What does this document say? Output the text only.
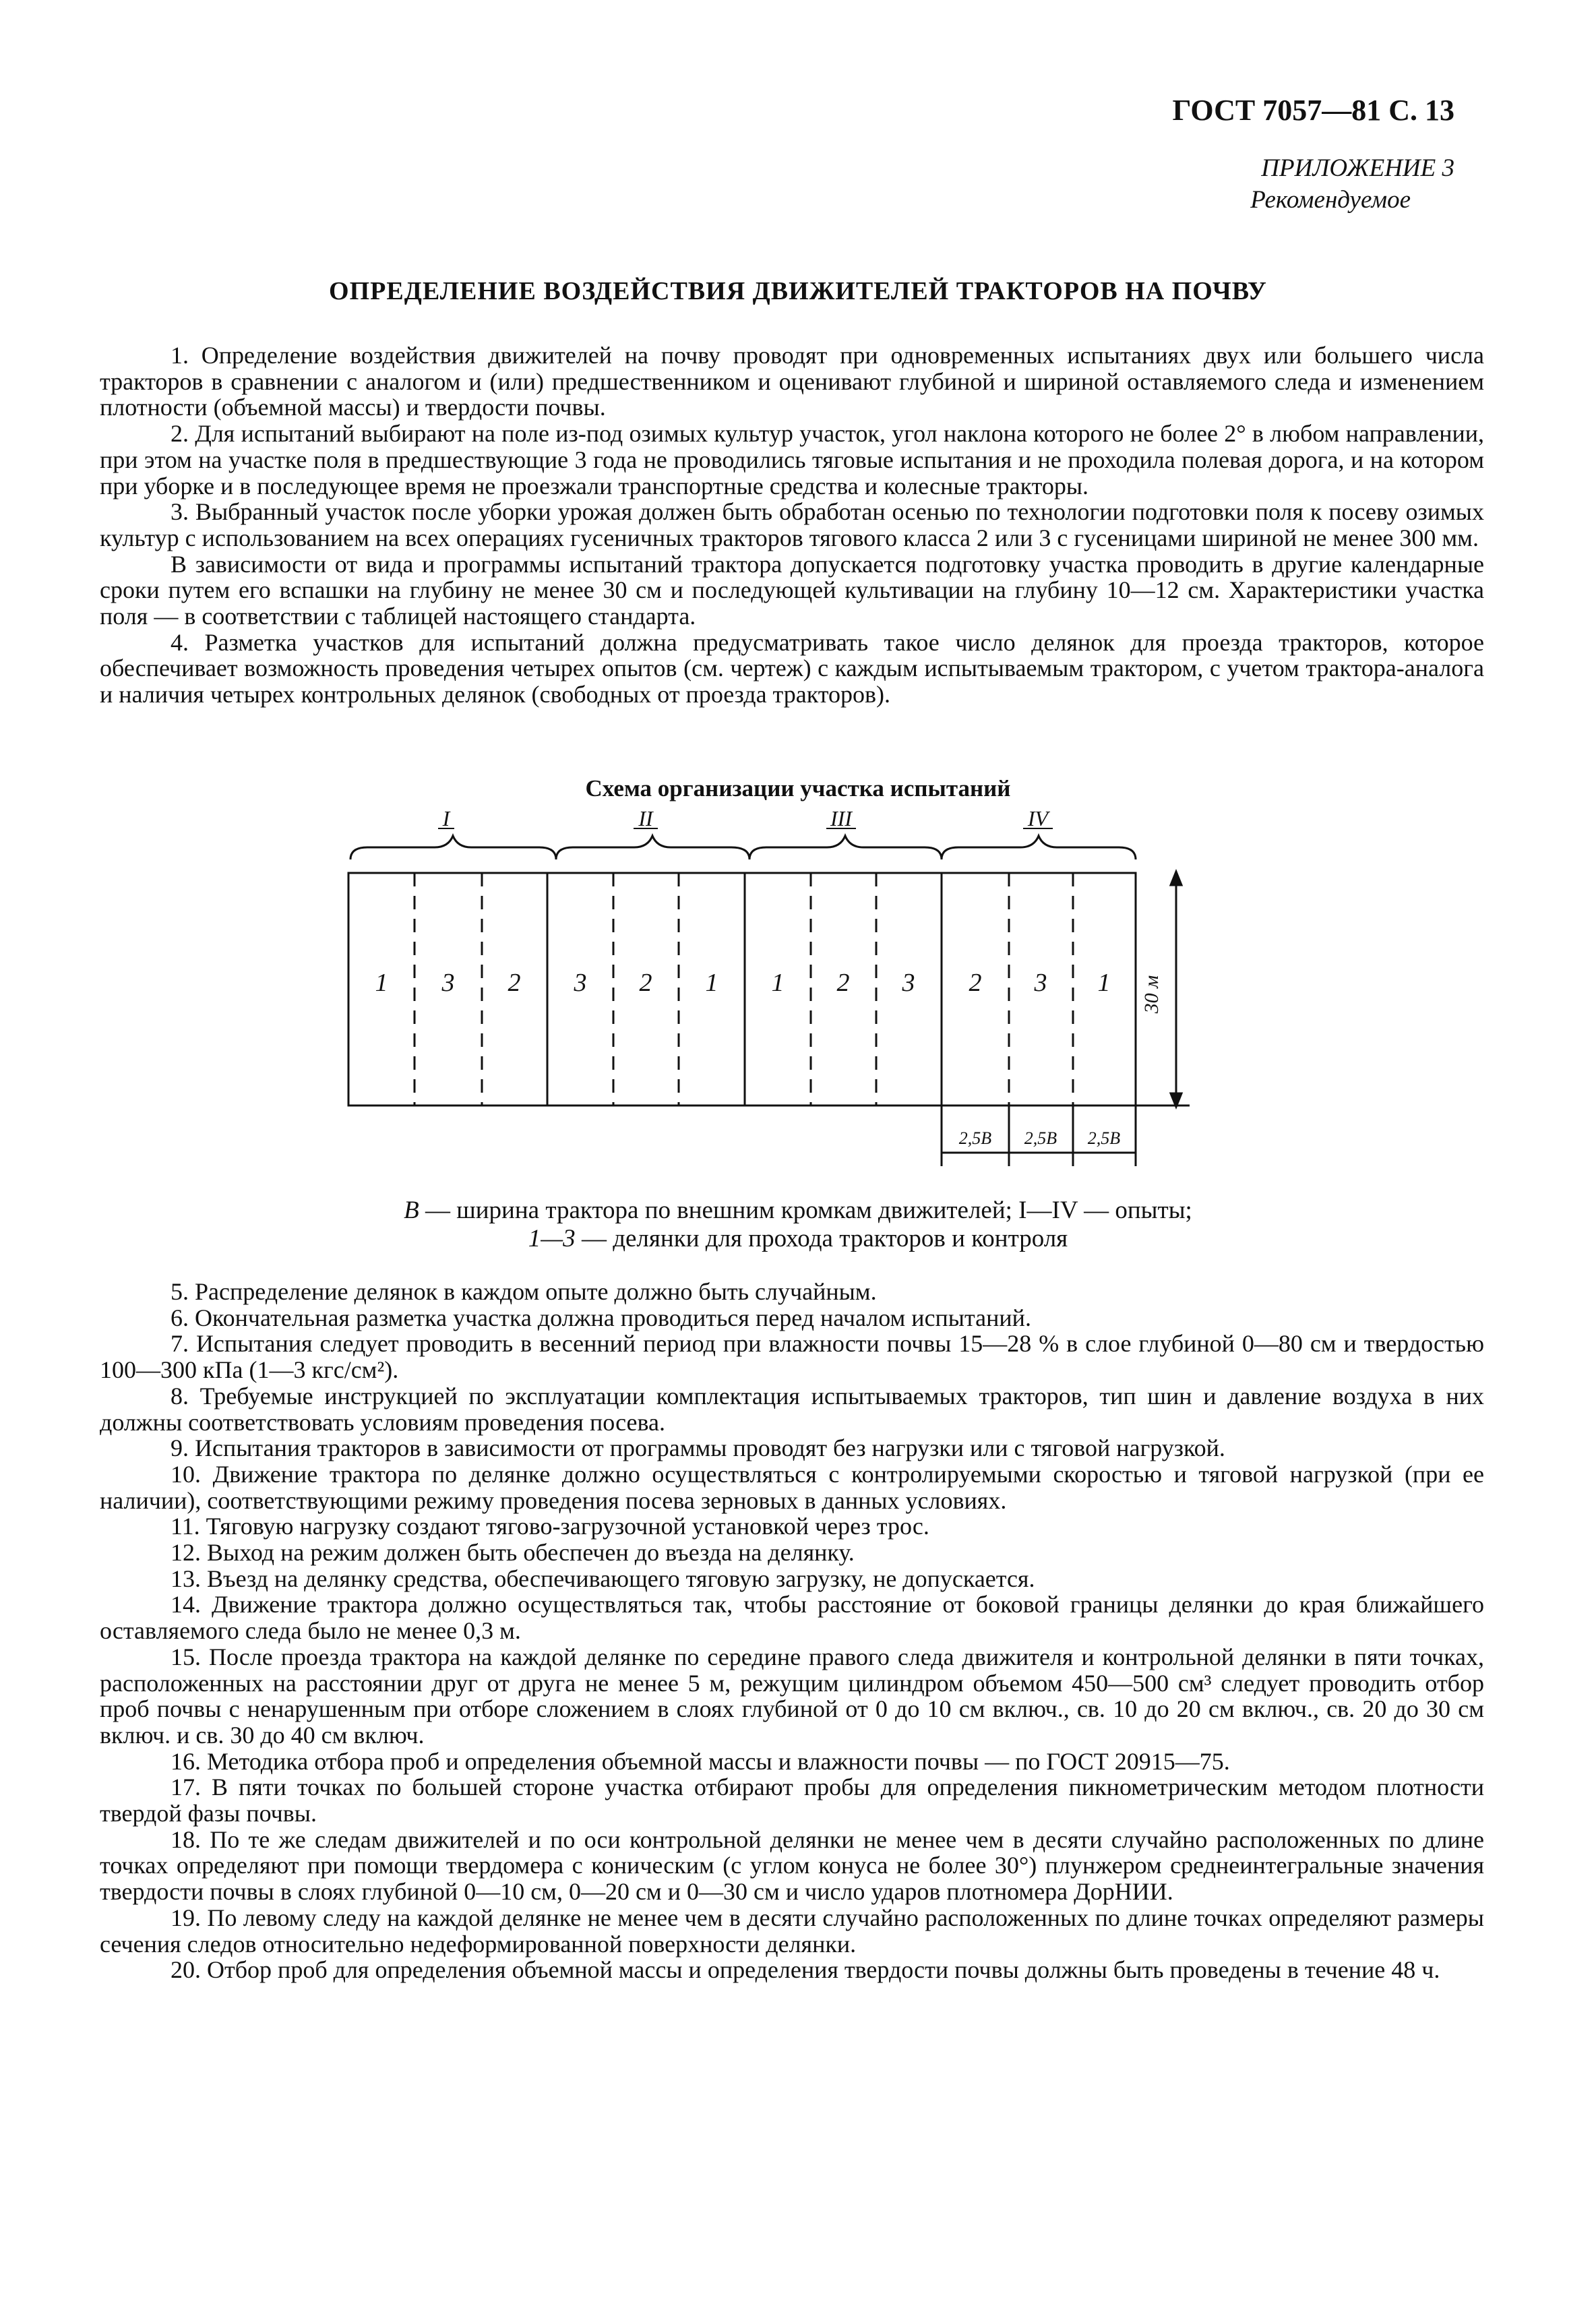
ГОСТ 7057—81 С. 13
ПРИЛОЖЕНИЕ 3
Рекомендуемое
ОПРЕДЕЛЕНИЕ ВОЗДЕЙСТВИЯ ДВИЖИТЕЛЕЙ ТРАКТОРОВ НА ПОЧВУ

1. Определение воздействия движителей на почву проводят при одновременных испытаниях двух или большего числа тракторов в сравнении с аналогом и (или) предшественником и оценивают глубиной и шириной оставляемого следа и изменением плотности (объемной массы) и твердости почвы.

2. Для испытаний выбирают на поле из-под озимых культур участок, угол наклона которого не более 2° в любом направлении, при этом на участке поля в предшествующие 3 года не проводились тяговые испытания и не проходила полевая дорога, и на котором при уборке и в последующее время не проезжали транспортные средства и колесные тракторы.

3. Выбранный участок после уборки урожая должен быть обработан осенью по технологии подготовки поля к посеву озимых культур с использованием на всех операциях гусеничных тракторов тягового класса 2 или 3 с гусеницами шириной не менее 300 мм.

В зависимости от вида и программы испытаний трактора допускается подготовку участка проводить в другие календарные сроки путем его вспашки на глубину не менее 30 см и последующей культивации на глубину 10—12 см. Характеристики участка поля — в соответствии с таблицей настоящего стандарта.

4. Разметка участков для испытаний должна предусматривать такое число делянок для проезда тракторов, которое обеспечивает возможность проведения четырех опытов (см. чертеж) с каждым испытываемым трактором, с учетом трактора-аналога и наличия четырех контрольных делянок (свободных от проезда тракторов).

Схема организации участка испытаний
I	II	III	IV
1 3 2 3 2 1 1 2 3 2 3 1 30 м
2,5B 2,5B 2,5B
B — ширина трактора по внешним кромкам движителей; I—IV — опыты;
1—3 — делянки для прохода тракторов и контроля

5. Распределение делянок в каждом опыте должно быть случайным.

6. Окончательная разметка участка должна проводиться перед началом испытаний.

7. Испытания следует проводить в весенний период при влажности почвы 15—28 % в слое глубиной 0—80 см и твердостью 100—300 кПа (1—3 кгс/см²).

8. Требуемые инструкцией по эксплуатации комплектация испытываемых тракторов, тип шин и давление воздуха в них должны соответствовать условиям проведения посева.

9. Испытания тракторов в зависимости от программы проводят без нагрузки или с тяговой нагрузкой.

10. Движение трактора по делянке должно осуществляться с контролируемыми скоростью и тяговой нагрузкой (при ее наличии), соответствующими режиму проведения посева зерновых в данных условиях.

11. Тяговую нагрузку создают тягово-загрузочной установкой через трос.

12. Выход на режим должен быть обеспечен до въезда на делянку.

13. Въезд на делянку средства, обеспечивающего тяговую загрузку, не допускается.

14. Движение трактора должно осуществляться так, чтобы расстояние от боковой границы делянки до края ближайшего оставляемого следа было не менее 0,3 м.

15. После проезда трактора на каждой делянке по середине правого следа движителя и контрольной делянки в пяти точках, расположенных на расстоянии друг от друга не менее 5 м, режущим цилиндром объемом 450—500 см³ следует проводить отбор проб почвы с ненарушенным при отборе сложением в слоях глубиной от 0 до 10 см включ., св. 10 до 20 см включ., св. 20 до 30 см включ. и св. 30 до 40 см включ.

16. Методика отбора проб и определения объемной массы и влажности почвы — по ГОСТ 20915—75.

17. В пяти точках по большей стороне участка отбирают пробы для определения пикнометрическим методом плотности твердой фазы почвы.

18. По те же следам движителей и по оси контрольной делянки не менее чем в десяти случайно расположенных по длине точках определяют при помощи твердомера с коническим (с углом конуса не более 30°) плунжером среднеинтегральные значения твердости почвы в слоях глубиной 0—10 см, 0—20 см и 0—30 см и число ударов плотномера ДорНИИ.

19. По левому следу на каждой делянке не менее чем в десяти случайно расположенных по длине точках определяют размеры сечения следов относительно недеформированной поверхности делянки.

20. Отбор проб для определения объемной массы и определения твердости почвы должны быть проведены в течение 48 ч.
